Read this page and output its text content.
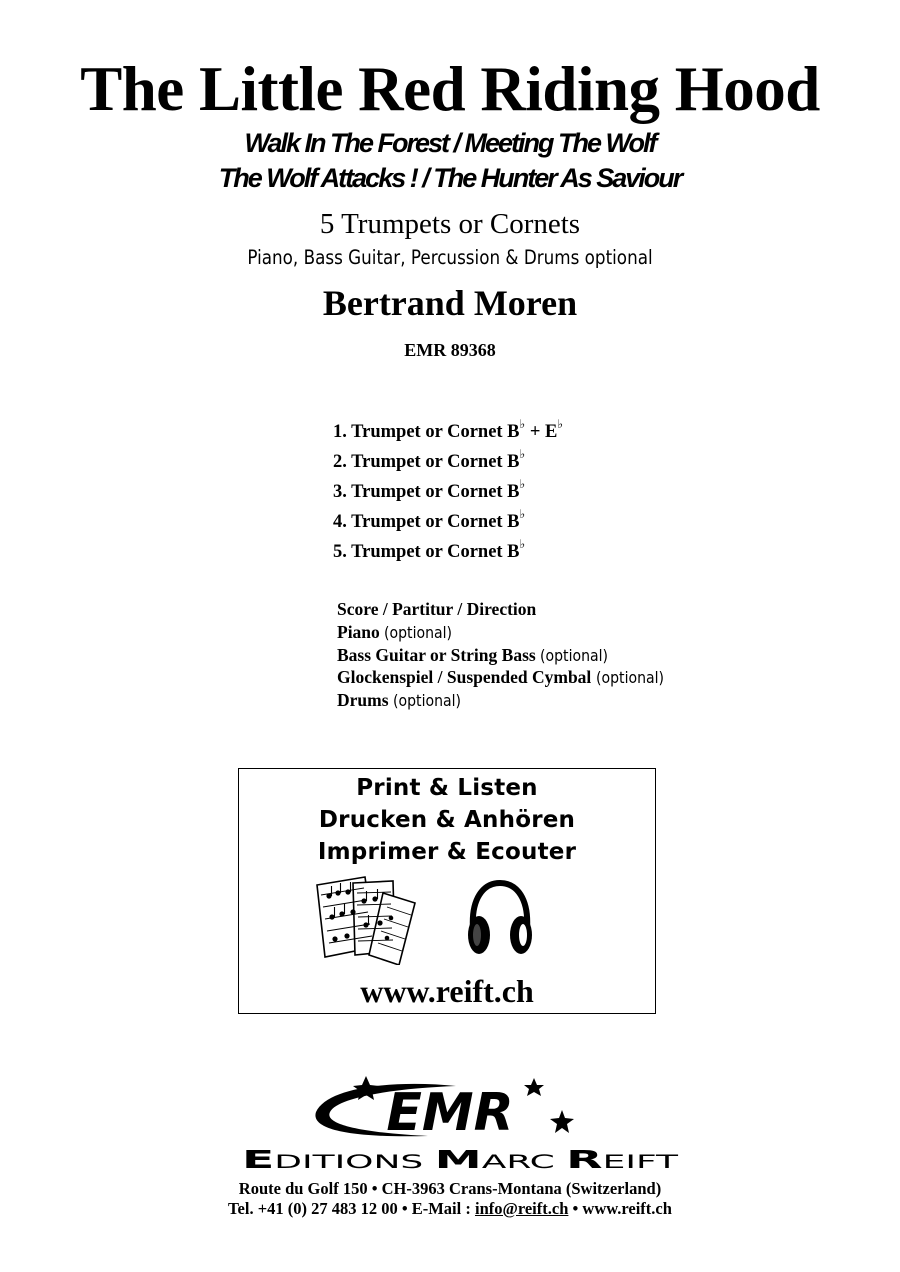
The Little Red Riding Hood
Walk In The Forest / Meeting The Wolf
The Wolf Attacks ! / The Hunter As Saviour
5 Trumpets or Cornets
Piano, Bass Guitar, Percussion & Drums optional
Bertrand Moren
EMR 89368
1. Trumpet or Cornet B♭ + E♭
2. Trumpet or Cornet B♭
3. Trumpet or Cornet B♭
4. Trumpet or Cornet B♭
5. Trumpet or Cornet B♭
Score / Partitur / Direction
Piano (optional)
Bass Guitar or String Bass (optional)
Glockenspiel / Suspended Cymbal (optional)
Drums (optional)
Print & Listen
Drucken & Anhören
Imprimer & Ecouter
www.reift.ch
EMR
E DITIONS	M ARC R EIFT
Route du Golf 150 • CH-3963 Crans-Montana (Switzerland)
Tel. +41 (0) 27 483 12 00 • E-Mail : info@reift.ch • www.reift.ch
